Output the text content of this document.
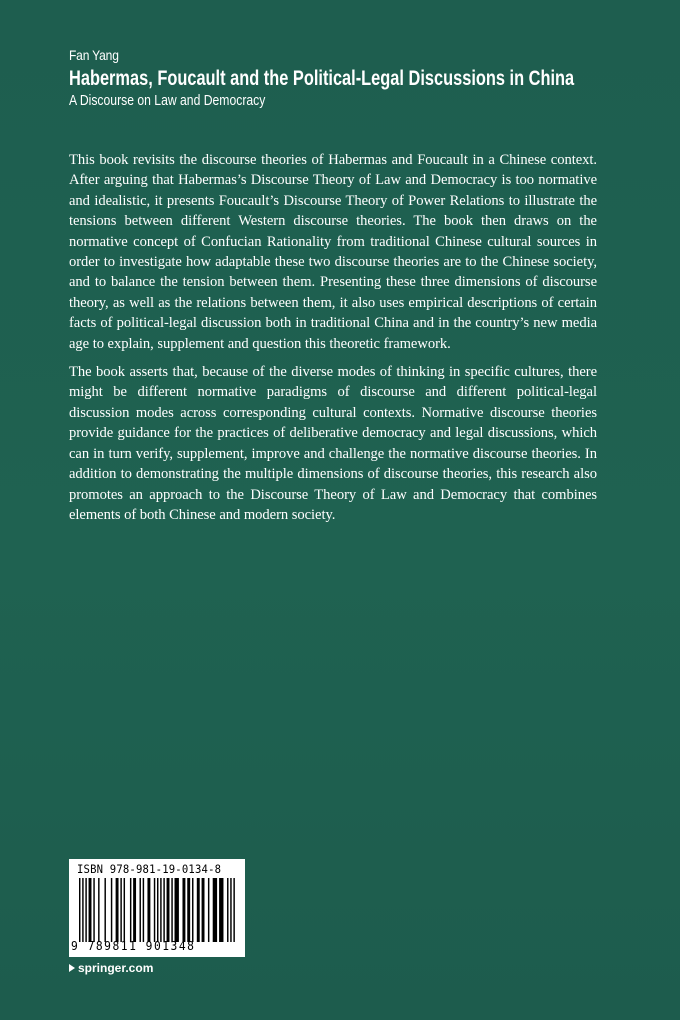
Fan Yang
Habermas, Foucault and the Political-Legal Discussions in China
A Discourse on Law and Democracy

This book revisits the discourse theories of Habermas and Foucault in a Chinese context. After arguing that Habermas’s Discourse Theory of Law and Democracy is too normative and idealistic, it presents Foucault’s Discourse Theory of Power Relations to illustrate the tensions between different Western discourse theories. The book then draws on the normative concept of Confucian Rationality from traditional Chinese cultural sources in order to investigate how adaptable these two discourse theories are to the Chinese society, and to balance the tension between them. Presenting these three dimensions of discourse theory, as well as the relations between them, it also uses empirical descriptions of certain facts of political-legal discussion both in traditional China and in the country’s new media age to explain, supplement and question this theoretic framework.

The book asserts that, because of the diverse modes of thinking in specific cultures, there might be different normative paradigms of discourse and different political-legal discussion modes across corresponding cultural contexts. Normative discourse theories provide guidance for the practices of deliberative democracy and legal discussions, which can in turn verify, supplement, improve and challenge the normative discourse theories. In addition to demonstrating the multiple dimensions of discourse theories, this research also promotes an approach to the Discourse Theory of Law and Democracy that combines elements of both Chinese and modern society.

ISBN 978-981-19-0134-8
9 789811 901348
springer.com
